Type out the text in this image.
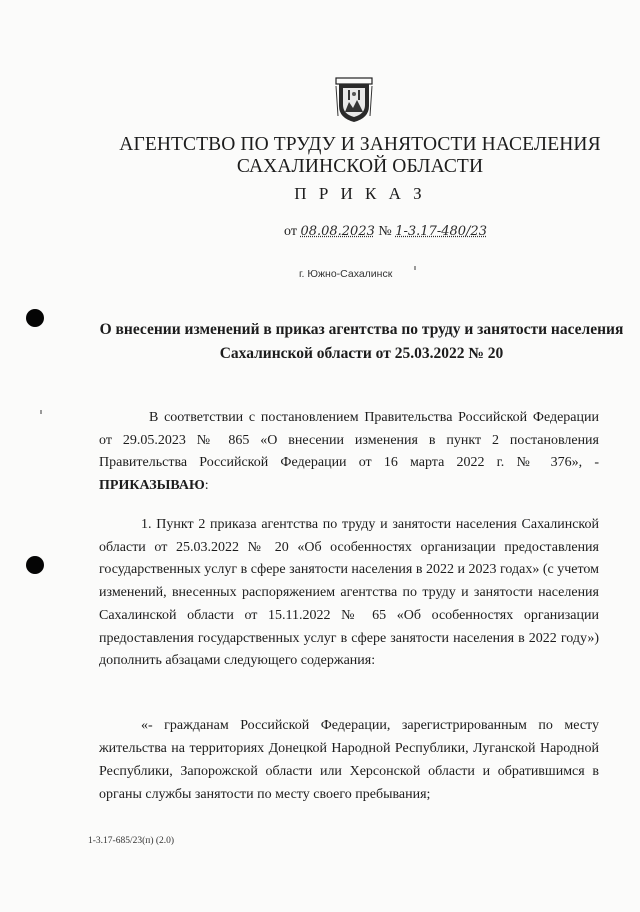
АГЕНТСТВО ПО ТРУДУ И ЗАНЯТОСТИ НАСЕЛЕНИЯ
САХАЛИНСКОЙ ОБЛАСТИ
П Р И К А З
от 08.08.2023 № 1-3.17-480/23
г. Южно-Сахалинск
О внесении изменений в приказ агентства по труду и занятости населения
Сахалинской области от 25.03.2022 № 20

В соответствии с постановлением Правительства Российской Федерации от 29.05.2023 № 865 «О внесении изменения в пункт 2 постановления Правительства Российской Федерации от 16 марта 2022 г. № 376», - ПРИКАЗЫВАЮ:

1. Пункт 2 приказа агентства по труду и занятости населения Сахалинской области от 25.03.2022 № 20 «Об особенностях организации предоставления государственных услуг в сфере занятости населения в 2022 и 2023 годах» (с учетом изменений, внесенных распоряжением агентства по труду и занятости населения Сахалинской области от 15.11.2022 № 65 «Об особенностях организации предоставления государственных услуг в сфере занятости населения в 2022 году») дополнить абзацами следующего содержания:

«- гражданам Российской Федерации, зарегистрированным по месту жительства на территориях Донецкой Народной Республики, Луганской Народной Республики, Запорожской области или Херсонской области и обратившимся в органы службы занятости по месту своего пребывания;

1-3.17-685/23(п) (2.0)
